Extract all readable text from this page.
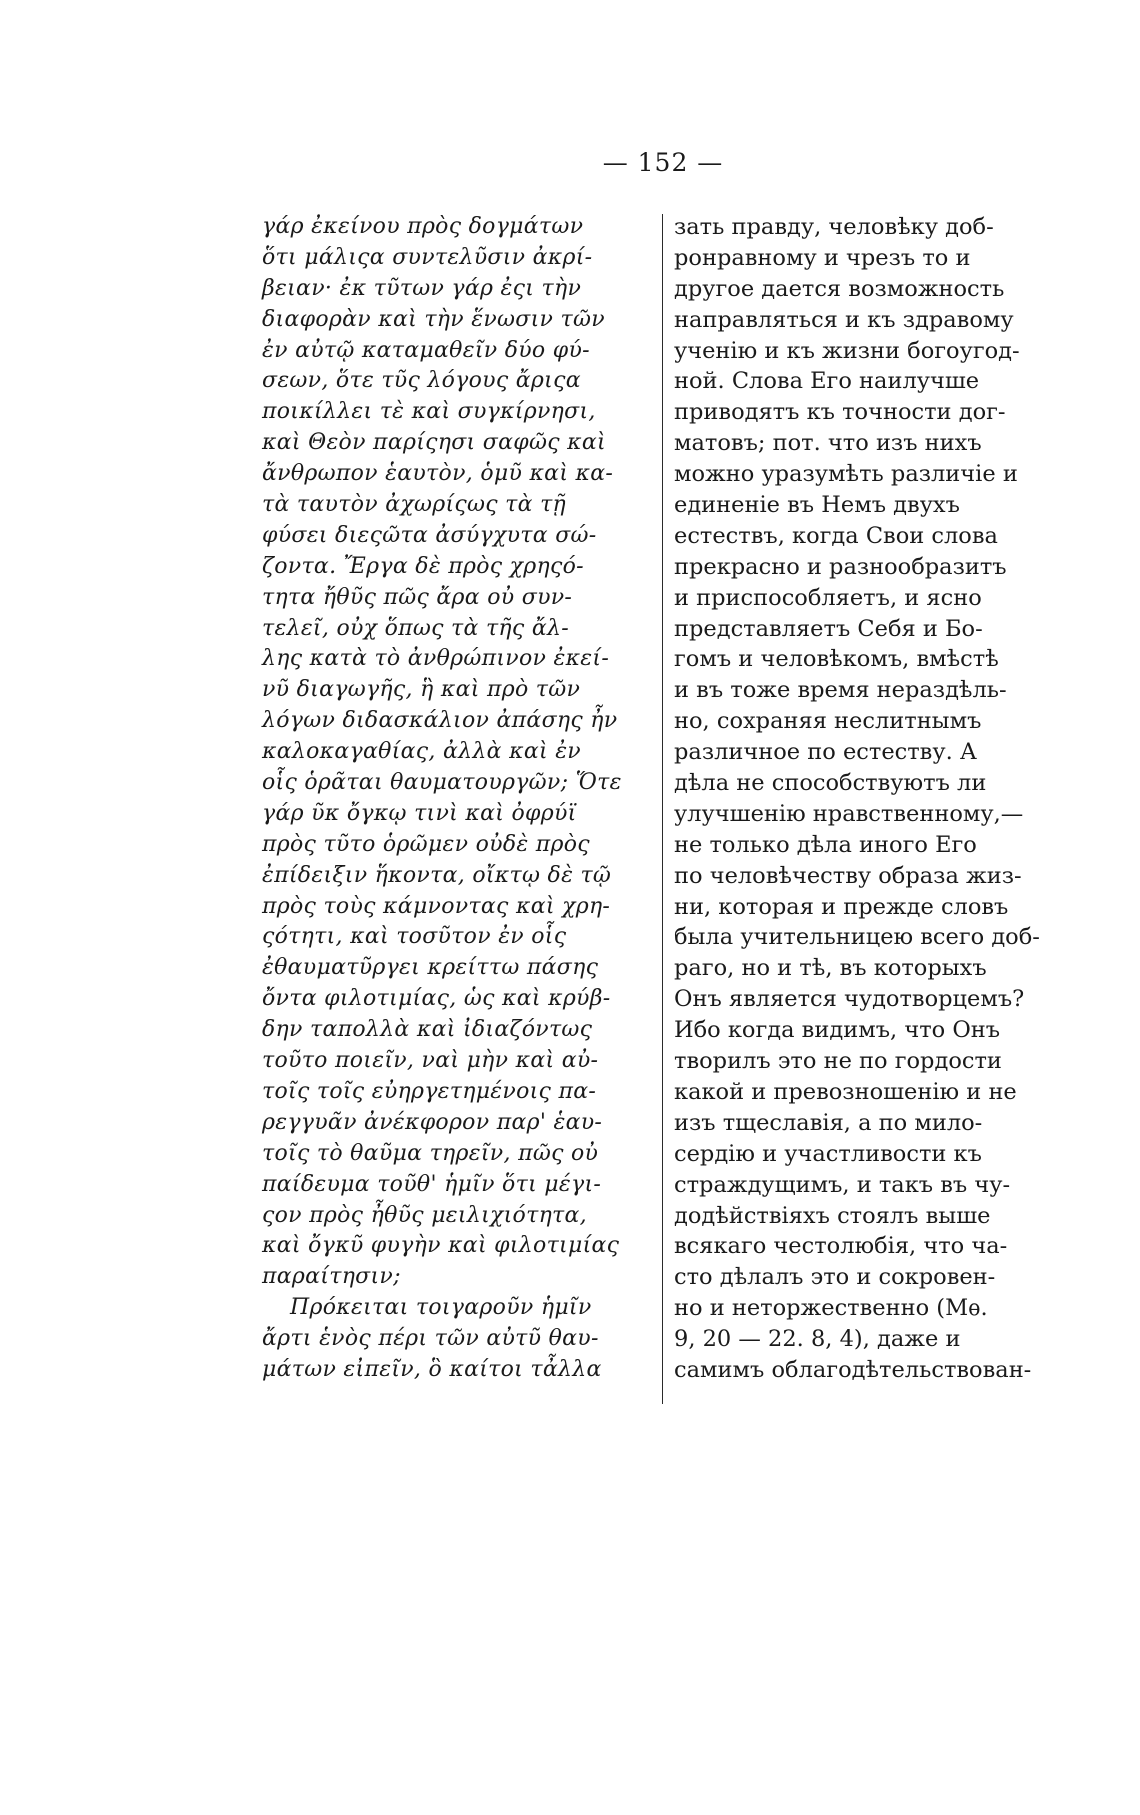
— 152 —
γάρ ἐκείνου πρὸς δογμάτων
ὅτι μάλιςα συντελῦσιν ἀκρί-
βειαν· ἐκ τῦτων γάρ ἐςι τὴν
διαφορὰν καὶ τὴν ἕνωσιν τῶν
ἐν αὐτῷ καταμαθεῖν δύο φύ-
σεων, ὅτε τῦς λόγους ἄριςα
ποικίλλει τὲ καὶ συγκίρνησι,
καὶ Θεὸν παρίςησι σαφῶς καὶ
ἄνθρωπον ἑαυτὸν, ὁμῦ καὶ κα-
τὰ ταυτὸν ἀχωρίςως τὰ τῇ
φύσει διεςῶτα ἀσύγχυτα σώ-
ζοντα. Ἔργα δὲ πρὸς χρηςό-
τητα ἤθῦς πῶς ἄρα οὐ συν-
τελεῖ, οὐχ ὅπως τὰ τῆς ἄλ-
λης κατὰ τὸ ἀνθρώπινον ἐκεί-
νῦ διαγωγῆς, ἣ καὶ πρὸ τῶν
λόγων διδασκάλιον ἀπάσης ἦν
καλοκαγαθίας, ἀλλὰ καὶ ἐν
οἷς ὁρᾶται θαυματουργῶν; Ὅτε
γάρ ῦκ ὄγκῳ τινὶ καὶ ὀφρύϊ
πρὸς τῦτο ὁρῶμεν οὐδὲ πρὸς
ἐπίδειξιν ἥκοντα, οἴκτῳ δὲ τῷ
πρὸς τοὺς κάμνοντας καὶ χρη-
ςότητι, καὶ τοσῦτον ἐν οἷς
ἐθαυματῦργει κρείττω πάσης
ὄντα φιλοτιμίας, ὡς καὶ κρύβ-
δην ταπολλὰ καὶ ἰδιαζόντως
τοῦτο ποιεῖν, ναὶ μὴν καὶ αὐ-
τοῖς τοῖς εὐηργετημένοις πα-
ρεγγυᾶν ἀνέκφορον παρ' ἑαυ-
τοῖς τὸ θαῦμα τηρεῖν, πῶς οὐ
παίδευμα τοῦθ' ἡμῖν ὅτι μέγι-
ςον πρὸς ἦθῦς μειλιχιότητα,
καὶ ὄγκῦ φυγὴν καὶ φιλοτιμίας
παραίτησιν;
Πρόκειται τοιγαροῦν ἡμῖν
ἄρτι ἑνὸς πέρι τῶν αὐτῦ θαυ-
μάτων εἰπεῖν, ὃ καίτοι τἆλλα
зать правду, человѣку доб-
ронравному и чрезъ то и
другое дается возможность
направляться и къ здравому
ученію и къ жизни богоугод-
ной. Слова Его наилучше
приводятъ къ точности дог-
матовъ; пот. что изъ нихъ
можно уразумѣть различіе и
единеніе въ Немъ двухъ
естествъ, когда Свои слова
прекрасно и разнообразитъ
и приспособляетъ, и ясно
представляетъ Себя и Бо-
гомъ и человѣкомъ, вмѣстѣ
и въ тоже время нераздѣль-
но, сохраняя неслитнымъ
различное по естеству. А
дѣла не способствуютъ ли
улучшенію нравственному,—
не только дѣла иного Его
по человѣчеству образа жиз-
ни, которая и прежде словъ
была учительницею всего доб-
раго, но и тѣ, въ которыхъ
Онъ является чудотворцемъ?
Ибо когда видимъ, что Онъ
творилъ это не по гордости
какой и превозношенію и не
изъ тщеславія, а по мило-
сердію и участливости къ
страждущимъ, и такъ въ чу-
додѣйствіяхъ стоялъ выше
всякаго честолюбія, что ча-
сто дѣлалъ это и сокровен-
но и неторжественно (Мѳ.
9, 20 — 22. 8, 4), даже и
самимъ облагодѣтельствован-
